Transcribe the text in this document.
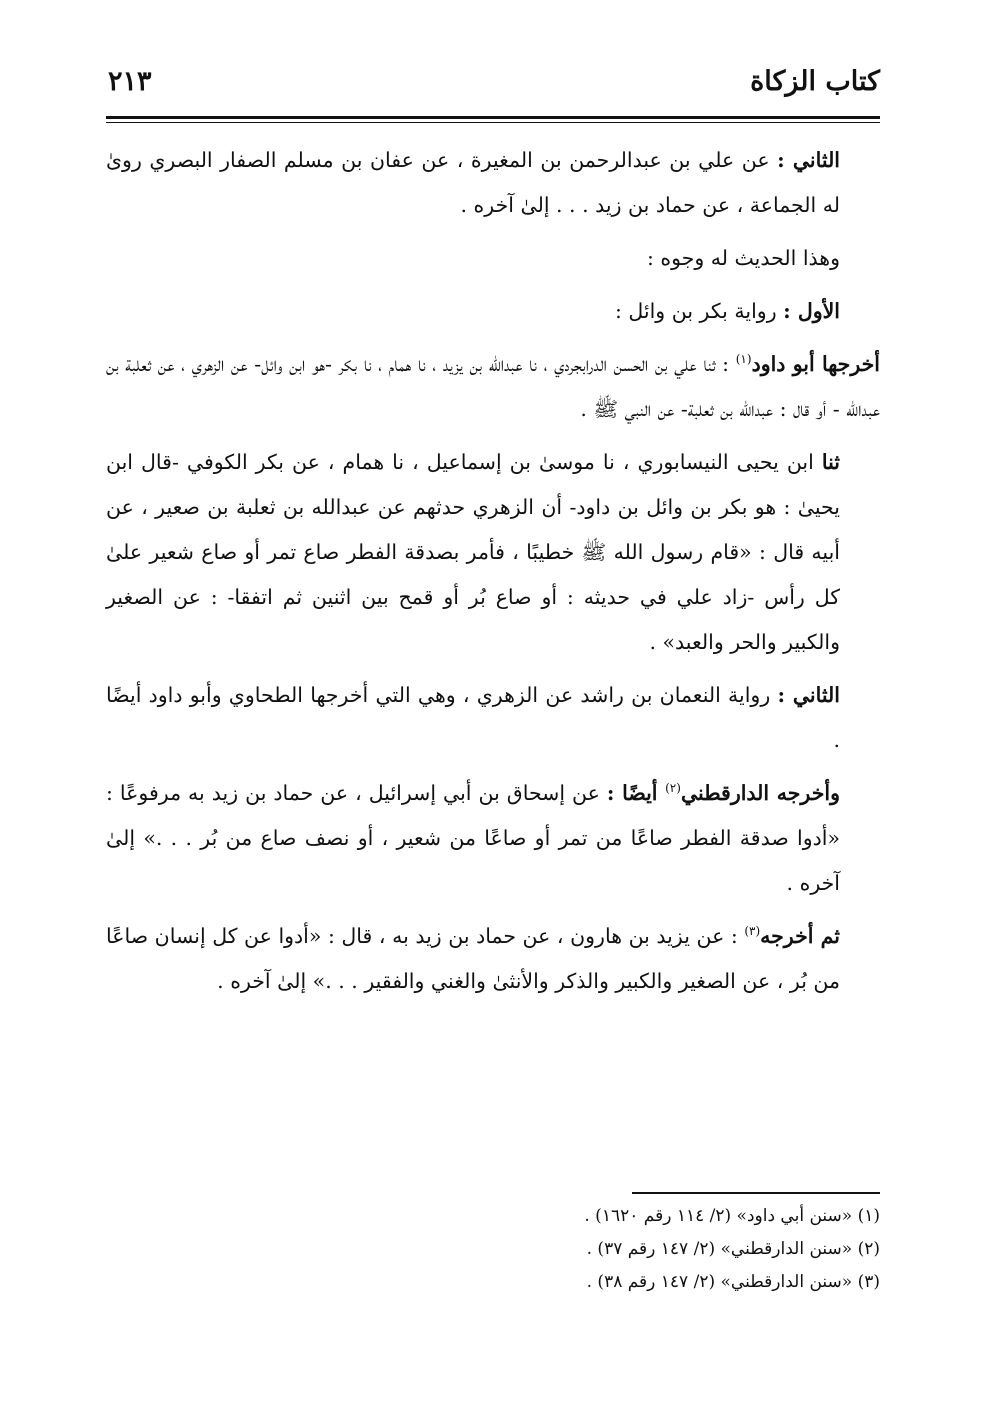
كتاب الزكاة
٢١٣

الثاني : عن علي بن عبدالرحمن بن المغيرة ، عن عفان بن مسلم الصفار البصري روىٰ له الجماعة ، عن حماد بن زيد . . . إلىٰ آخره .

وهذا الحديث له وجوه :

الأول : رواية بكر بن وائل :

أخرجها أبو داود$^{(١)}$ : ثنا علي بن الحسن الدرابجردي ، نا عبدالله بن يزيد ، نا همام ، نا بكر -هو ابن وائل- عن الزهري ، عن ثعلبة بن عبدالله - أو قال : عبدالله بن ثعلبة- عن النبي ﷺ .

ثنا ابن يحيى النيسابوري ، نا موسىٰ بن إسماعيل ، نا همام ، عن بكر الكوفي -قال ابن يحيىٰ : هو بكر بن وائل بن داود- أن الزهري حدثهم عن عبدالله بن ثعلبة بن صعير ، عن أبيه قال : «قام رسول الله ﷺ خطيبًا ، فأمر بصدقة الفطر صاع تمر أو صاع شعير علىٰ كل رأس -زاد علي في حديثه : أو صاع بُر أو قمح بين اثنين ثم اتفقا- : عن الصغير والكبير والحر والعبد» .

الثاني : رواية النعمان بن راشد عن الزهري ، وهي التي أخرجها الطحاوي وأبو داود أيضًا .

وأخرجه الدارقطني$^{(٢)}$ أيضًا : عن إسحاق بن أبي إسرائيل ، عن حماد بن زيد به مرفوعًا : «أدوا صدقة الفطر صاعًا من تمر أو صاعًا من شعير ، أو نصف صاع من بُر . . .» إلىٰ آخره .

ثم أخرجه$^{(٣)}$ : عن يزيد بن هارون ، عن حماد بن زيد به ، قال : «أدوا عن كل إنسان صاعًا من بُر ، عن الصغير والكبير والذكر والأنثىٰ والغني والفقير . . .» إلىٰ آخره .

(١) «سنن أبي داود» (٢/ ١١٤ رقم ١٦٢٠) .
(٢) «سنن الدارقطني» (٢/ ١٤٧ رقم ٣٧) .
(٣) «سنن الدارقطني» (٢/ ١٤٧ رقم ٣٨) .
